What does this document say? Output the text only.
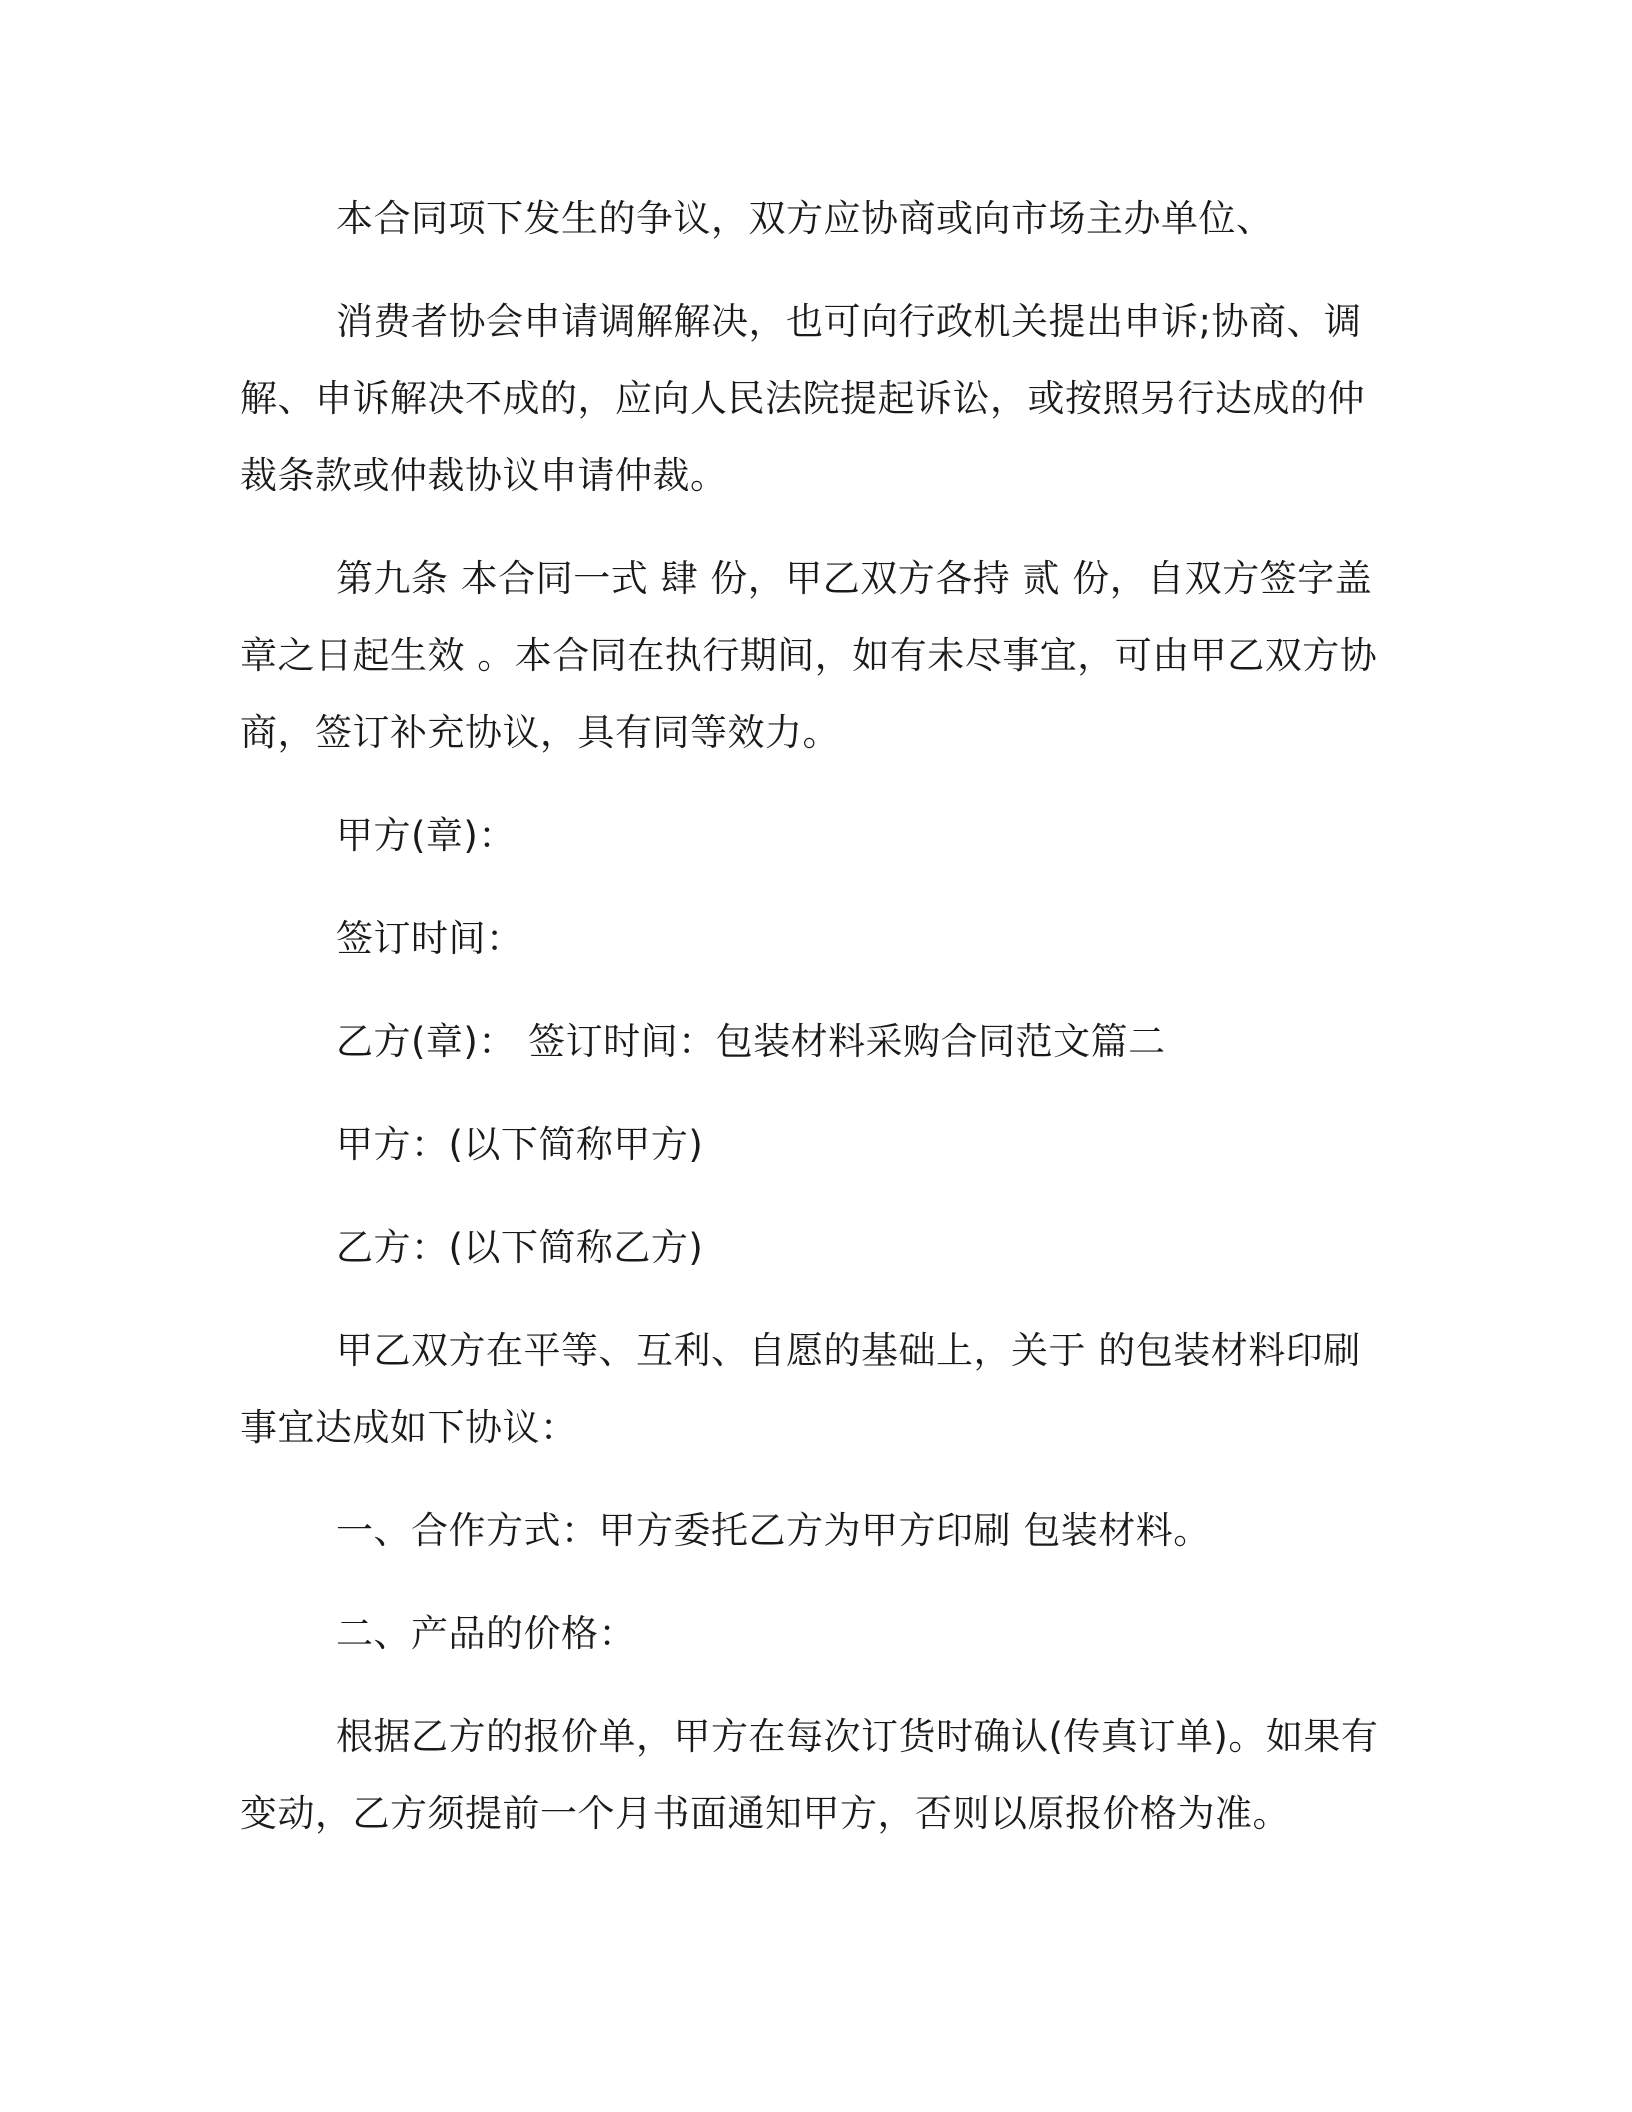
本合同项下发生的争议，双方应协商或向市场主办单位、

消费者协会申请调解解决，也可向行政机关提出申诉;协商、调解、申诉解决不成的，应向人民法院提起诉讼，或按照另行达成的仲裁条款或仲裁协议申请仲裁。

第九条 本合同一式 肆 份，甲乙双方各持 贰 份，自双方签字盖章之日起生效 。本合同在执行期间，如有未尽事宜，可由甲乙双方协商，签订补充协议，具有同等效力。

甲方(章)：

签订时间：

乙方(章)： 签订时间：包装材料采购合同范文篇二

甲方：(以下简称甲方)

乙方：(以下简称乙方)

甲乙双方在平等、互利、自愿的基础上，关于 的包装材料印刷事宜达成如下协议：

一、合作方式：甲方委托乙方为甲方印刷 包装材料。

二、产品的价格：

根据乙方的报价单，甲方在每次订货时确认(传真订单)。如果有变动，乙方须提前一个月书面通知甲方，否则以原报价格为准。
